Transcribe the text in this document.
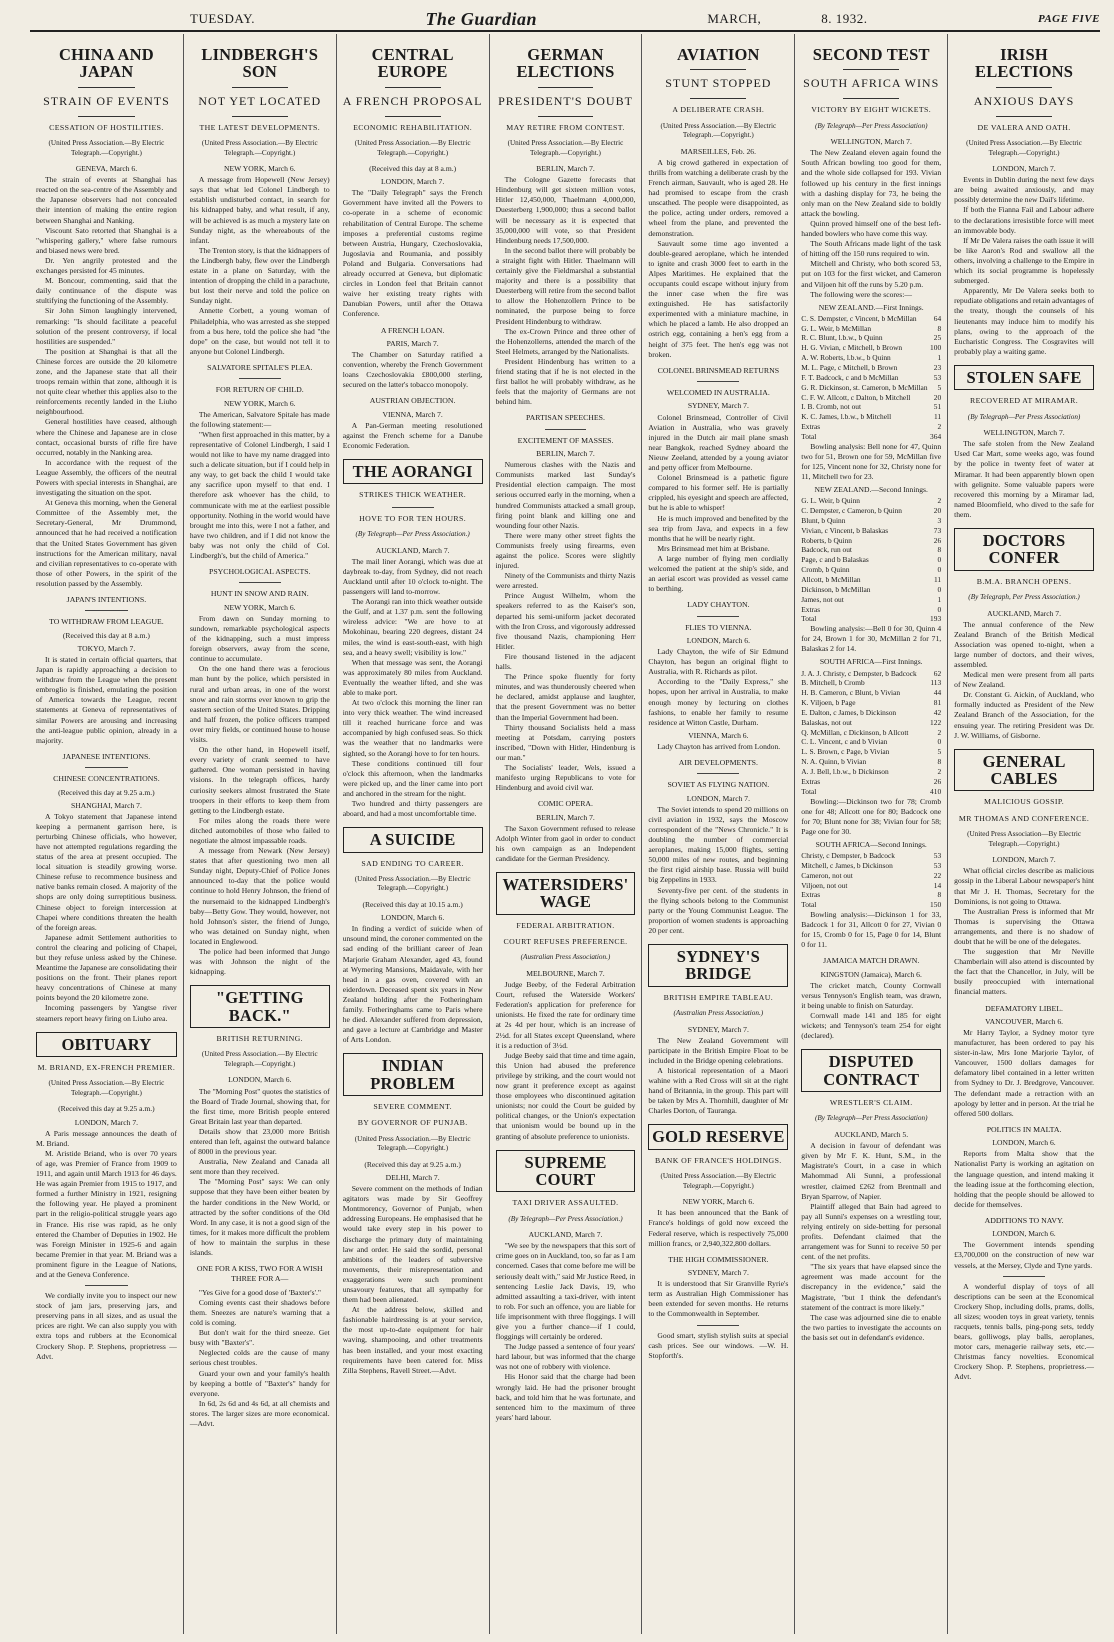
TUESDAY.	The Guardian	MARCH,	8. 1932.	PAGE FIVE
CHINA AND JAPAN
STRAIN OF EVENTS
CESSATION OF HOSTILITIES.
(United Press Association.—By Electric Telegraph.—Copyright.)
GENEVA, March 6.

The strain of events at Shanghai has reacted on the sea-centre of the Assembly and the Japanese observers had not concealed their intention of making the entire region between Shanghai and Nanking.

Viscount Sato retorted that Shanghai is a "whispering gallery," where false rumours and biased news were bred.

Dr. Yen angrily protested and the exchanges persisted for 45 minutes.

M. Boncour, commenting, said that the daily continuance of the dispute was stultifying the functioning of the Assembly.

Sir John Simon laughingly intervened, remarking: "Is should facilitate a peaceful solution of the present controversy, if local hostilities are suspended."

The position at Shanghai is that all the Chinese forces are outside the 20 kilometre zone, and the Japanese state that all their troops remain within that zone, although it is not quite clear whether this applies also to the reinforcements recently landed in the Liuho neighbourhood.

General hostilities have ceased, although where the Chinese and Japanese are in close contact, occasional bursts of rifle fire have occurred, notably in the Nanking area.

In accordance with the request of the League Assembly, the officers of the neutral Powers with special interests in Shanghai, are investigating the situation on the spot.

At Geneva this morning, when the General Committee of the Assembly met, the Secretary-General, Mr Drummond, announced that he had received a notification that the United States Government has given instructions for the American military, naval and civilian representatives to co-operate with those of other Powers, in the spirit of the resolution passed by the Assembly.

JAPAN'S INTENTIONS.
TO WITHDRAW FROM LEAGUE.
(Received this day at 8 a.m.)
TOKYO, March 7.

It is stated in certain official quarters, that Japan is rapidly approaching a decision to withdraw from the League when the present embroglio is finished, emulating the position of America towards the League, recent statements at Geneva of representatives of similar Powers are arousing and increasing the anti-league public opinion, already in a majority.

JAPANESE INTENTIONS.
CHINESE CONCENTRATIONS.
(Received this day at 9.25 a.m.)
SHANGHAI, March 7.

A Tokyo statement that Japanese intend keeping a permanent garrison here, is perturbing Chinese officials, who however, have not attempted regulations regarding the status of the area at present occupied. The local situation is steadily growing worse. Chinese refuse to recommence business and native banks remain closed. A majority of the shops are only doing surreptitious business. Chinese object to foreign intercession at Chapei where conditions threaten the health of the foreign areas.

Japanese admit Settlement authorities to control the clearing and policing of Chapei, but they refuse unless asked by the Chinese. Meantime the Japanese are consolidating their positions on the front. Their planes report heavy concentrations of Chinese at many points beyond the 20 kilometre zone.

Incoming passengers by Yangtse river steamers report heavy firing on Liuho area.

OBITUARY
M. BRIAND, EX-FRENCH PREMIER.
(United Press Association.—By Electric Telegraph.—Copyright.)
(Received this day at 9.25 a.m.)
LONDON, March 7.

A Paris message announces the death of M. Briand.

M. Aristide Briand, who is over 70 years of age, was Premier of France from 1909 to 1911, and again until March 1913 for 46 days. He was again Premier from 1915 to 1917, and formed a further Ministry in 1921, resigning the following year. He played a prominent part in the religio-political struggle years ago in France. His rise was rapid, as he only entered the Chamber of Deputies in 1902. He was Foreign Minister in 1925-6 and again became Premier in that year. M. Briand was a prominent figure in the League of Nations, and at the Geneva Conference.

We cordially invite you to inspect our new stock of jam jars, preserving jars, and preserving pans in all sizes, and as usual the prices are right. We can also supply you with extra tops and rubbers at the Economical Crockery Shop. P. Stephens, proprietress —Advt.

LINDBERGH'S SON
NOT YET LOCATED
THE LATEST DEVELOPMENTS.
(United Press Association.—By Electric Telegraph.—Copyright.)
NEW YORK, March 6.

A message from Hopewell (New Jersey) says that what led Colonel Lindbergh to establish undisturbed contact, in search for his kidnapped baby, and what result, if any, will be achieved is as much a mystery late on Sunday night, as the whereabouts of the infant.

The Trenton story, is that the kidnappers of the Lindbergh baby, flew over the Lindbergh estate in a plane on Saturday, with the intention of dropping the child in a parachute, but lost their nerve and told the police on Sunday night.

Annette Corbett, a young woman of Philadelphia, who was arrested as she stepped from a bus here, told the police she had "the dope" on the case, but would not tell it to anyone but Colonel Lindbergh.

SALVATORE SPITALE'S PLEA.
FOR RETURN OF CHILD.
NEW YORK, March 6.

The American, Salvatore Spitale has made the following statement:—

"When first approached in this matter, by a representative of Colonel Lindbergh, I said I would not like to have my name dragged into such a delicate situation, but if I could help in any way, to get back the child I would take any sacrifice upon myself to that end. I therefore ask whoever has the child, to communicate with me at the earliest possible opportunity. Nothing in the world would have brought me into this, were I not a father, and have two children, and if I did not know the baby was not only the child of Col. Lindbergh's, but the child of America."

PSYCHOLOGICAL ASPECTS.
HUNT IN SNOW AND RAIN.
NEW YORK, March 6.

From dawn on Sunday morning to sundown, remarkable psychological aspects of the kidnapping, such a must impress foreign observers, away from the scene, continue to accumulate.

On the one hand there was a ferocious man hunt by the police, which persisted in rural and urban areas, in one of the worst snow and rain storms ever known to grip the eastern section of the United States. Dripping and half frozen, the police officers tramped over miry fields, or continued house to house visits.

On the other hand, in Hopewell itself, every variety of crank seemed to have gathered. One woman persisted in having visions. In the telegraph offices, hardy curiosity seekers almost frustrated the State troopers in their efforts to keep them from getting to the Lindbergh estate.

For miles along the roads there were ditched automobiles of those who failed to negotiate the almost impassable roads.

A message from Newark (New Jersey) states that after questioning two men all Sunday night, Deputy-Chief of Police Jones announced to-day that the police would continue to hold Henry Johnson, the friend of the nursemaid to the kidnapped Lindbergh's baby—Betty Gow. They would, however, not hold Johnson's sister, the friend of Jungo, who was detained on Sunday night, when located in Englewood.

The police had been informed that Jungo was with Johnson the night of the kidnapping.

"GETTING BACK."
BRITISH RETURNING.
(United Press Association.—By Electric Telegraph.—Copyright.)
LONDON, March 6.

The "Morning Post" quotes the statistics of the Board of Trade Journal, showing that, for the first time, more British people entered Great Britain last year than departed.

Details show that 23,000 more British entered than left, against the outward balance of 8000 in the previous year.

Australia, New Zealand and Canada all sent more than they received.

The "Morning Post" says: We can only suppose that they have been either beaten by the harder conditions in the New World, or attracted by the softer conditions of the Old Word. In any case, it is not a good sign of the times, for it makes more difficult the problem of how to maintain the surplus in these islands.

ONE FOR A KISS, TWO FOR A WISH THREE FOR A—

"Yes Give for a good dose of 'Baxter's'."

Coming events cast their shadows before them. Sneezes are nature's warning that a cold is coming.

But don't wait for the third sneeze. Get busy with "Baxter's".

Neglected colds are the cause of many serious chest troubles.

Guard your own and your family's health by keeping a bottle of "Baxter's" handy for everyone.

In 6d, 2s 6d and 4s 6d, at all chemists and stores. The larger sizes are more economical.—Advt.

CENTRAL EUROPE
A FRENCH PROPOSAL
ECONOMIC REHABILITATION.
(United Press Association.—By Electric Telegraph.—Copyright.)
(Received this day at 8 a.m.)
LONDON, March 7.

The "Daily Telegraph" says the French Government have invited all the Powers to co-operate in a scheme of economic rehabilitation of Central Europe. The scheme imposes a preferential customs regime between Austria, Hungary, Czechoslovakia, Jugoslavia and Roumania, and possibly Poland and Bulgaria. Conversations had already occurred at Geneva, but diplomatic circles in London feel that Britain cannot waive her existing treaty rights with Danubian Powers, until after the Ottawa Conference.

A FRENCH LOAN.
PARIS, March 7.

The Chamber on Saturday ratified a convention, whereby the French Government loans Czechoslovakia £800,000 sterling, secured on the latter's tobacco monopoly.

AUSTRIAN OBJECTION.
VIENNA, March 7.

A Pan-German meeting resolutioned against the French scheme for a Danube Economic Federation.

THE AORANGI
STRIKES THICK WEATHER.
HOVE TO FOR TEN HOURS.
(By Telegraph—Per Press Association.)
AUCKLAND, March 7.

The mail liner Aorangi, which was due at daybreak to-day, from Sydney, did not reach Auckland until after 10 o'clock to-night. The passengers will land to-morrow.

The Aorangi ran into thick weather outside the Gulf, and at 1.37 p.m. sent the following wireless advice: "We are hove to at Mokohinau, bearing 220 degrees, distant 24 miles, the wind is east-south-east, with high sea, and a heavy swell; visibility is low."

When that message was sent, the Aorangi was approximately 80 miles from Auckland. Eventually the weather lifted, and she was able to make port.

At two o'clock this morning the liner ran into very thick weather. The wind increased till it reached hurricane force and was accompanied by high confused seas. So thick was the weather that no landmarks were sighted, so the Aorangi hove to for ten hours.

These conditions continued till four o'clock this afternoon, when the landmarks were picked up, and the liner came into port and anchored in the stream for the night.

Two hundred and thirty passengers are aboard, and had a most uncomfortable time.

A SUICIDE
SAD ENDING TO CAREER.
(United Press Association.—By Electric Telegraph.—Copyright.)
(Received this day at 10.15 a.m.)
LONDON, March 6.

In finding a verdict of suicide when of unsound mind, the coroner commented on the sad ending of the brilliant career of Jean Marjorie Graham Alexander, aged 43, found at Wymering Mansions, Maidavale, with her head in a gas oven, covered with an eiderdown. Deceased spent six years in New Zealand holding after the Fotheringham family. Fotheringhams came to Paris where he died. Alexander suffered from depression, and gave a lecture at Cambridge and Master of Arts London.

INDIAN PROBLEM
SEVERE COMMENT.
BY GOVERNOR OF PUNJAB.
(United Press Association.—By Electric Telegraph.—Copyright.)
(Received this day at 9.25 a.m.)
DELHI, March 7.

Severe comment on the methods of Indian agitators was made by Sir Geoffrey Montmorency, Governor of Punjab, when addressing Europeans. He emphasised that he would take every step in his power to discharge the primary duty of maintaining law and order. He said the sordid, personal ambitions of the leaders of subversive movements, their misrepresentation and exaggerations were such prominent unsavoury features, that all sympathy for them had been alienated.

At the address below, skilled and fashionable hairdressing is at your service, the most up-to-date equipment for hair waving, shampooing, and other treatments has been installed, and your most exacting requirements have been catered for. Miss Zilla Stephens, Ravell Street.—Advt.

GERMAN ELECTIONS
PRESIDENT'S DOUBT
MAY RETIRE FROM CONTEST.
(United Press Association.—By Electric Telegraph.—Copyright.)
BERLIN, March 7.

The Cologne Gazette forecasts that Hindenburg will get sixteen million votes, Hitler 12,450,000, Thaelmann 4,000,000, Duesterberg 1,900,000; thus a second ballot will be necessary as it is expected that 35,000,000 will vote, so that President Hindenburg needs 17,500,000.

In the second ballot there will probably be a straight fight with Hitler. Thaelmann will certainly give the Fieldmarshal a substantial majority and there is a possibility that Duesterberg will retire from the second ballot to allow the Hohenzollern Prince to be nominated, the purpose being to force President Hindenburg to withdraw.

The ex-Crown Prince and three other of the Hohenzollerns, attended the march of the Steel Helmets, arranged by the Nationalists.

President Hindenburg has written to a friend stating that if he is not elected in the first ballot he will probably withdraw, as he feels that the majority of Germans are not behind him.

PARTISAN SPEECHES.
EXCITEMENT OF MASSES.
BERLIN, March 7.

Numerous clashes with the Nazis and Communists marked last Sunday's Presidential election campaign. The most serious occurred early in the morning, when a hundred Communists attacked a small group, firing point blank and killing one and wounding four other Nazis.

There were many other street fights the Communists freely using firearms, even against the police. Scores were slightly injured.

Ninety of the Communists and thirty Nazis were arrested.

Prince August Wilhelm, whom the speakers referred to as the Kaiser's son, departed his semi-uniform jacket decorated with the Iron Cross, and vigorously addressed five thousand Nazis, championing Herr Hitler.

Fire thousand listened in the adjacent halls.

The Prince spoke fluently for forty minutes, and was thunderously cheered when he declared, amidst applause and laughter, that the present Government was no better than the Imperial Government had been.

Thirty thousand Socialists held a mass meeting at Potsdam, carrying posters inscribed, "Down with Hitler, Hindenburg is our man."

The Socialists' leader, Wels, issued a manifesto urging Republicans to vote for Hindenburg and avoid civil war.

COMIC OPERA.
BERLIN, March 7.

The Saxon Government refused to release Adolph Winter from gaol in order to conduct his own campaign as an Independent candidate for the German Presidency.

WATERSIDERS' WAGE
FEDERAL ARBITRATION.
COURT REFUSES PREFERENCE.
(Australian Press Association.)
MELBOURNE, March 7.

Judge Beeby, of the Federal Arbitration Court, refused the Waterside Workers' Federation's application for preference for unionists. He fixed the rate for ordinary time at 2s 4d per hour, which is an increase of 2½d. for all States except Queensland, where it is a reduction of 3½d.

Judge Beeby said that time and time again, this Union had abused the preference privilege by striking, and the court would not now grant it preference except as against those employees who discontinued agitation unionists; nor could the Court be guided by political changes, or the Union's expectation that unionism would be bound up in the granting of absolute preference to unionists.

SUPREME COURT
TAXI DRIVER ASSAULTED.
(By Telegraph—Per Press Association.)
AUCKLAND, March 7.

"We see by the newspapers that this sort of crime goes on in Auckland, too, so far as I am concerned. Cases that come before me will be seriously dealt with," said Mr Justice Reed, in sentencing Leslie Jack Davis, 19, who admitted assaulting a taxi-driver, with intent to rob. For such an offence, you are liable for life imprisonment with three floggings. I will give you a further chance—if I could, floggings will certainly be ordered.

The Judge passed a sentence of four years' hard labour, but was informed that the charge was not one of robbery with violence.

His Honor said that the charge had been wrongly laid. He had the prisoner brought back, and told him that he was fortunate, and sentenced him to the maximum of three years' hard labour.

AVIATION
STUNT STOPPED
A DELIBERATE CRASH.
(United Press Association.—By Electric Telegraph.—Copyright.)
MARSEILLES, Feb. 26.

A big crowd gathered in expectation of thrills from watching a deliberate crash by the French airman, Sauvault, who is aged 28. He had promised to escape from the crash unscathed. The people were disappointed, as the police, acting under orders, removed a wheel from the plane, and prevented the demonstration.

Sauvault some time ago invented a double-geared aeroplane, which he intended to ignite and crash 3000 feet to earth in the Alpes Maritimes. He explained that the occupants could escape without injury from the inner case when the fire was extinguished. He has satisfactorily experimented with a miniature machine, in which he placed a lamb. He also dropped an ostrich egg, containing a hen's egg from a height of 375 feet. The hen's egg was not broken.

COLONEL BRINSMEAD RETURNS
WELCOMED IN AUSTRALIA.
SYDNEY, March 7.

Colonel Brinsmead, Controller of Civil Aviation in Australia, who was gravely injured in the Dutch air mail plane smash near Bangkok, reached Sydney aboard the Nieuw Zeeland, attended by a young aviator and petty officer from Melbourne.

Colonel Brinsmead is a pathetic figure compared to his former self. He is partially crippled, his eyesight and speech are affected, but he is able to whisper!

He is much improved and benefited by the sea trip from Java, and expects in a few months that he will be nearly right.

Mrs Brinsmead met him at Brisbane.

A large number of flying men cordially welcomed the patient at the ship's side, and an aerial escort was provided as vessel came to berthing.

LADY CHAYTON.
FLIES TO VIENNA.
LONDON, March 6.

Lady Chayton, the wife of Sir Edmund Chayton, has begun an original flight to Australia, with R. Richards as pilot.

According to the "Daily Express," she hopes, upon her arrival in Australia, to make enough money by lecturing on clothes fashions, to enable her family to resume residence at Witton Castle, Durham.

VIENNA, March 6.

Lady Chayton has arrived from London.

AIR DEVELOPMENTS.
SOVIET AS FLYING NATION.
LONDON, March 7.

The Soviet intends to spend 20 millions on civil aviation in 1932, says the Moscow correspondent of the "News Chronicle." It is doubling the number of commercial aeroplanes, making 15,000 flights, setting 50,000 miles of new routes, and beginning the first rigid airship base. Russia will build big Zeppelins in 1933.

Seventy-five per cent. of the students in the flying schools belong to the Communist party or the Young Communist League. The proportion of women students is approaching 20 per cent.

SYDNEY'S BRIDGE
BRITISH EMPIRE TABLEAU.
(Australian Press Association.)
SYDNEY, March 7.

The New Zealand Government will participate in the British Empire Float to be included in the Bridge opening celebrations.

A historical representation of a Maori wahine with a Red Cross will sit at the right hand of Britannia, in the group. This part will be taken by Mrs A. Thornhill, daughter of Mr Charles Dorton, of Tauranga.

GOLD RESERVE
BANK OF FRANCE'S HOLDINGS.
(United Press Association.—By Electric Telegraph.—Copyright.)
NEW YORK, March 6.

It has been announced that the Bank of France's holdings of gold now exceed the Federal reserve, which is respectively 75,000 million francs, or 2,940,322,800 dollars.

THE HIGH COMMISSIONER.
SYDNEY, March 7.

It is understood that Sir Granville Ryrie's term as Australian High Commissioner has been extended for seven months. He returns to the Commonwealth in September.

Good smart, stylish stylish suits at special cash prices. See our windows. —W. H. Stopforth's.

SECOND TEST
SOUTH AFRICA WINS
VICTORY BY EIGHT WICKETS.
(By Telegraph—Per Press Association)
WELLINGTON, March 7.

The New Zealand eleven again found the South African bowling too good for them, and the whole side collapsed for 193. Vivian followed up his century in the first innings with a dashing display for 73, he being the only man on the New Zealand side to boldly attack the bowling.

Quinn proved himself one of the best left-handed bowlers who have come this way.

The South Africans made light of the task of hitting off the 150 runs required to win.

Mitchell and Christy, who both scored 53, put on 103 for the first wicket, and Cameron and Viljoen hit off the runs by 5.20 p.m.

The following were the scores:—

NEW ZEALAND.—First Innings.
C. S. Dempster, c Vincent, b McMillan 64
G. L. Weir, b McMillan	8
R. C. Blunt, l.b.w., b Quinn	25
H. G. Vivian, c Mitchell, b Brown	100
A. W. Roberts, l.b.w., b Quinn	1
M. L. Page, c Mitchell, b Brown	23
F. T. Badcock, c and b McMillan	53
G. R. Dickinson, st. Cameron, b McMillan 5
C. F. W. Allcott, c Dalton, b Mitchell	20
I. B. Cromb, not out	51
K. C. James, l.b.w., b Mitchell	11
Extras	2
Total	364

Bowling analysis: Bell none for 47, Quinn two for 51, Brown one for 59, McMillan five for 125, Vincent none for 32, Christy none for 11, Mitchell two for 23.

NEW ZEALAND.—Second Innings.
G. L. Weir, b Quinn	2
C. Dempster, c Cameron, b Quinn	20
Blunt, b Quinn	3
Vivian, c Vincent, b Balaskas	73
Roberts, b Quinn	26
Badcock, run out	8
Page, c and b Balaskas	0
Cromb, b Quinn	0
Allcott, b McMillan	11
Dickinson, b McMillan	0
James, not out	1
Extras	0
Total	193

Bowling analysis:—Bell 0 for 30, Quinn 4 for 24, Brown 1 for 30, McMillan 2 for 71, Balaskas 2 for 14.

SOUTH AFRICA—First Innings.
J. A. J. Christy, c Dempster, b Badcock 62
B. Mitchell, b Cromb	113
H. B. Cameron, c Blunt, b Vivian	44
K. Viljoen, b Page	81
E. Dalton, c James, b Dickinson	42
Balaskas, not out	122
Q. McMillan, c Dickinson, b Allcott	2
C. L. Vincent, c and b Vivian	0
L. S. Brown, c Page, b Vivian	5
N. A. Quinn, b Vivian	8
A. J. Bell, l.b.w., b Dickinson	2
Extras	26
Total	410

Bowling:—Dickinson two for 78; Cromb one for 48; Allcott one for 80; Badcock one for 70; Blunt none for 38; Vivian four for 58; Page one for 30.

SOUTH AFRICA—Second Innings.
Christy, c Dempster, b Badcock	53
Mitchell, c James, b Dickinson	53
Cameron, not out	22
Viljoen, not out	14
Extras	8
Total	150

Bowling analysis:—Dickinson 1 for 33, Badcock 1 for 31, Allcott 0 for 27, Vivian 0 for 15, Cromb 0 for 15, Page 0 for 14, Blunt 0 for 11.

JAMAICA MATCH DRAWN.
KINGSTON (Jamaica), March 6.

The cricket match, County Cornwall versus Tennyson's English team, was drawn, it being unable to finish on Saturday.

Cornwall made 141 and 185 for eight wickets; and Tennyson's team 254 for eight (declared).

DISPUTED CONTRACT
WRESTLER'S CLAIM.
(By Telegraph—Per Press Association)
AUCKLAND, March 5.

A decision in favour of defendant was given by Mr F. K. Hunt, S.M., in the Magistrate's Court, in a case in which Mahommad Ali Sunni, a professional wrestler, claimed £262 from Brentnall and Bryan Sparrow, of Napier.

Plaintiff alleged that Bain had agreed to pay all Sunni's expenses on a wrestling tour, relying entirely on side-betting for personal profits. Defendant claimed that the arrangement was for Sunni to receive 50 per cent. of the net profits.

"The six years that have elapsed since the agreement was made account for the discrepancy in the evidence," said the Magistrate, "but I think the defendant's statement of the contract is more likely."

The case was adjourned sine die to enable the two parties to investigate the accounts on the basis set out in defendant's evidence.

IRISH ELECTIONS
ANXIOUS DAYS
DE VALERA AND OATH.
(United Press Association.—By Electric Telegraph.—Copyright.)
LONDON, March 7.

Events in Dublin during the next few days are being awaited anxiously, and may possibly determine the new Dail's lifetime.

If both the Fianna Fail and Labour adhere to the declarations irresistible force will meet an immovable body.

If Mr De Valera raises the oath issue it will be like Aaron's Rod and swallow all the others, involving a challenge to the Empire in which its social programme is hopelessly submerged.

Apparently, Mr De Valera seeks both to repudiate obligations and retain advantages of the treaty, though the counsels of his lieutenants may induce him to modify his plans, owing to the approach of the Eucharistic Congress. The Cosgravites will probably play a waiting game.

STOLEN SAFE
RECOVERED AT MIRAMAR.
(By Telegraph—Per Press Association)
WELLINGTON, March 7.

The safe stolen from the New Zealand Used Car Mart, some weeks ago, was found by the police in twenty feet of water at Miramar. It had been apparently blown open with gelignite. Some valuable papers were recovered this morning by a Miramar lad, named Bloomfield, who dived to the safe for them.

DOCTORS CONFER
B.M.A. BRANCH OPENS.
(By Telegraph, Per Press Association.)
AUCKLAND, March 7.

The annual conference of the New Zealand Branch of the British Medical Association was opened to-night, when a large number of doctors, and their wives, assembled.

Medical men were present from all parts of New Zealand.

Dr. Constant G. Aickin, of Auckland, who formally inducted as President of the New Zealand Branch of the Association, for the ensuing year. The retiring President was Dr. J. W. Williams, of Gisborne.

GENERAL CABLES
MALICIOUS GOSSIP.
MR THOMAS AND CONFERENCE.
(United Press Association—By Electric Telegraph.—Copyright.)
LONDON, March 7.

What official circles describe as malicious gossip in the Liberal Labour newspaper's hint that Mr J. H. Thomas, Secretary for the Dominions, is not going to Ottawa.

The Australian Press is informed that Mr Thomas is supervising the Ottawa arrangements, and there is no shadow of doubt that he will be one of the delegates.

The suggestion that Mr Neville Chamberlain will also attend is discounted by the fact that the Chancellor, in July, will be busily preoccupied with international financial matters.

DEFAMATORY LIBEL.
VANCOUVER, March 6.

Mr Harry Taylor, a Sydney motor tyre manufacturer, has been ordered to pay his sister-in-law, Mrs Ione Marjorie Taylor, of Vancouver, 1500 dollars damages for defamatory libel contained in a letter written from Sydney to Dr. J. Bredgrove, Vancouver. The defendant made a retraction with an apology by letter and in person. At the trial he offered 500 dollars.

POLITICS IN MALTA.
LONDON, March 6.

Reports from Malta show that the Nationalist Party is working an agitation on the language question, and intend making it the leading issue at the forthcoming election, holding that the people should be allowed to decide for themselves.

ADDITIONS TO NAVY.
LONDON, March 6.

The Government intends spending £3,700,000 on the construction of new war vessels, at the Mersey, Clyde and Tyne yards.

A wonderful display of toys of all descriptions can be seen at the Economical Crockery Shop, including dolls, prams, dolls, all sizes; wooden toys in great variety, tennis racquets, tennis balls, ping-pong sets, teddy bears, golliwogs, play balls, aeroplanes, motor cars, menagerie railway sets, etc.—Christmas fancy novelties. Economical Crockery Shop. P. Stephens, proprietress.—Advt.
